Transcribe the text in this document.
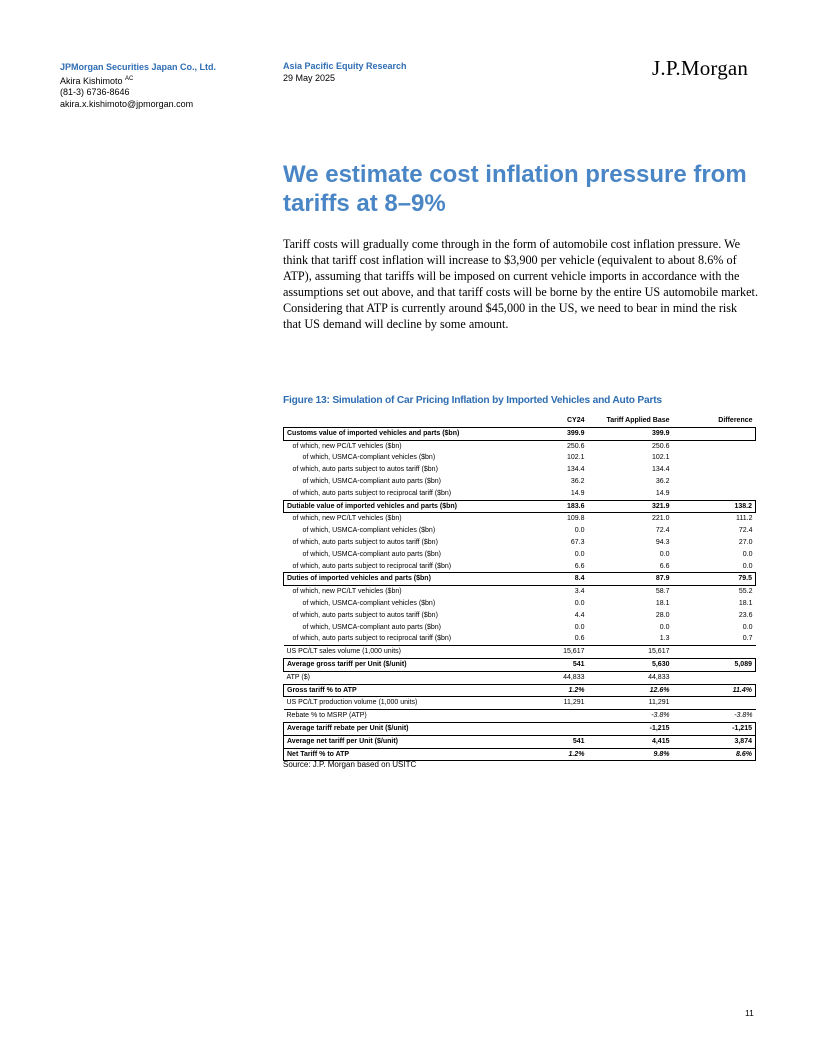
JPMorgan Securities Japan Co., Ltd.
Akira Kishimoto $^{AC}$
(81-3) 6736-8646
akira.x.kishimoto@jpmorgan.com
Asia Pacific Equity Research
29 May 2025	J.P.Morgan
We estimate cost inflation pressure from tariffs at 8–9%

Tariff costs will gradually come through in the form of automobile cost inflation pressure. We think that tariff cost inflation will increase to $3,900 per vehicle (equivalent to about 8.6% of ATP), assuming that tariffs will be imposed on current vehicle imports in accordance with the assumptions set out above, and that tariff costs will be borne by the entire US automobile market. Considering that ATP is currently around $45,000 in the US, we need to bear in mind the risk that US demand will decline by some amount.

Figure 13: Simulation of Car Pricing Inflation by Imported Vehicles and Auto Parts
	CY24	Tariff Applied Base	Difference
Customs value of imported vehicles and parts ($bn)	399.9	399.9	
of which, new PC/LT vehicles ($bn)	250.6	250.6	
of which, USMCA-compliant vehicles ($bn)	102.1	102.1	
of which, auto parts subject to autos tariff ($bn)	134.4	134.4	
of which, USMCA-compliant auto parts ($bn)	36.2	36.2	
of which, auto parts subject to reciprocal tariff ($bn)	14.9	14.9	
Dutiable value of imported vehicles and parts ($bn)	183.6	321.9	138.2
of which, new PC/LT vehicles ($bn)	109.8	221.0	111.2
of which, USMCA-compliant vehicles ($bn)	0.0	72.4	72.4
of which, auto parts subject to autos tariff ($bn)	67.3	94.3	27.0
of which, USMCA-compliant auto parts ($bn)	0.0	0.0	0.0
of which, auto parts subject to reciprocal tariff ($bn)	6.6	6.6	0.0
Duties of imported vehicles and parts ($bn)	8.4	87.9	79.5
of which, new PC/LT vehicles ($bn)	3.4	58.7	55.2
of which, USMCA-compliant vehicles ($bn)	0.0	18.1	18.1
of which, auto parts subject to autos tariff ($bn)	4.4	28.0	23.6
of which, USMCA-compliant auto parts ($bn)	0.0	0.0	0.0
of which, auto parts subject to reciprocal tariff ($bn)	0.6	1.3	0.7
US PC/LT sales volume (1,000 units)	15,617	15,617	
Average gross tariff per Unit ($/unit)	541	5,630	5,089
ATP ($)	44,833	44,833	
Gross tariff % to ATP	1.2%	12.6%	11.4%
US PC/LT production volume (1,000 units)	11,291	11,291	
Rebate % to MSRP (ATP)		-3.8%	-3.8%
Average tariff rebate per Unit ($/unit)		-1,215	-1,215
Average net tariff per Unit ($/unit)	541	4,415	3,874
Net Tariff % to ATP	1.2%	9.8%	8.6%
Source: J.P. Morgan based on USITC
11
